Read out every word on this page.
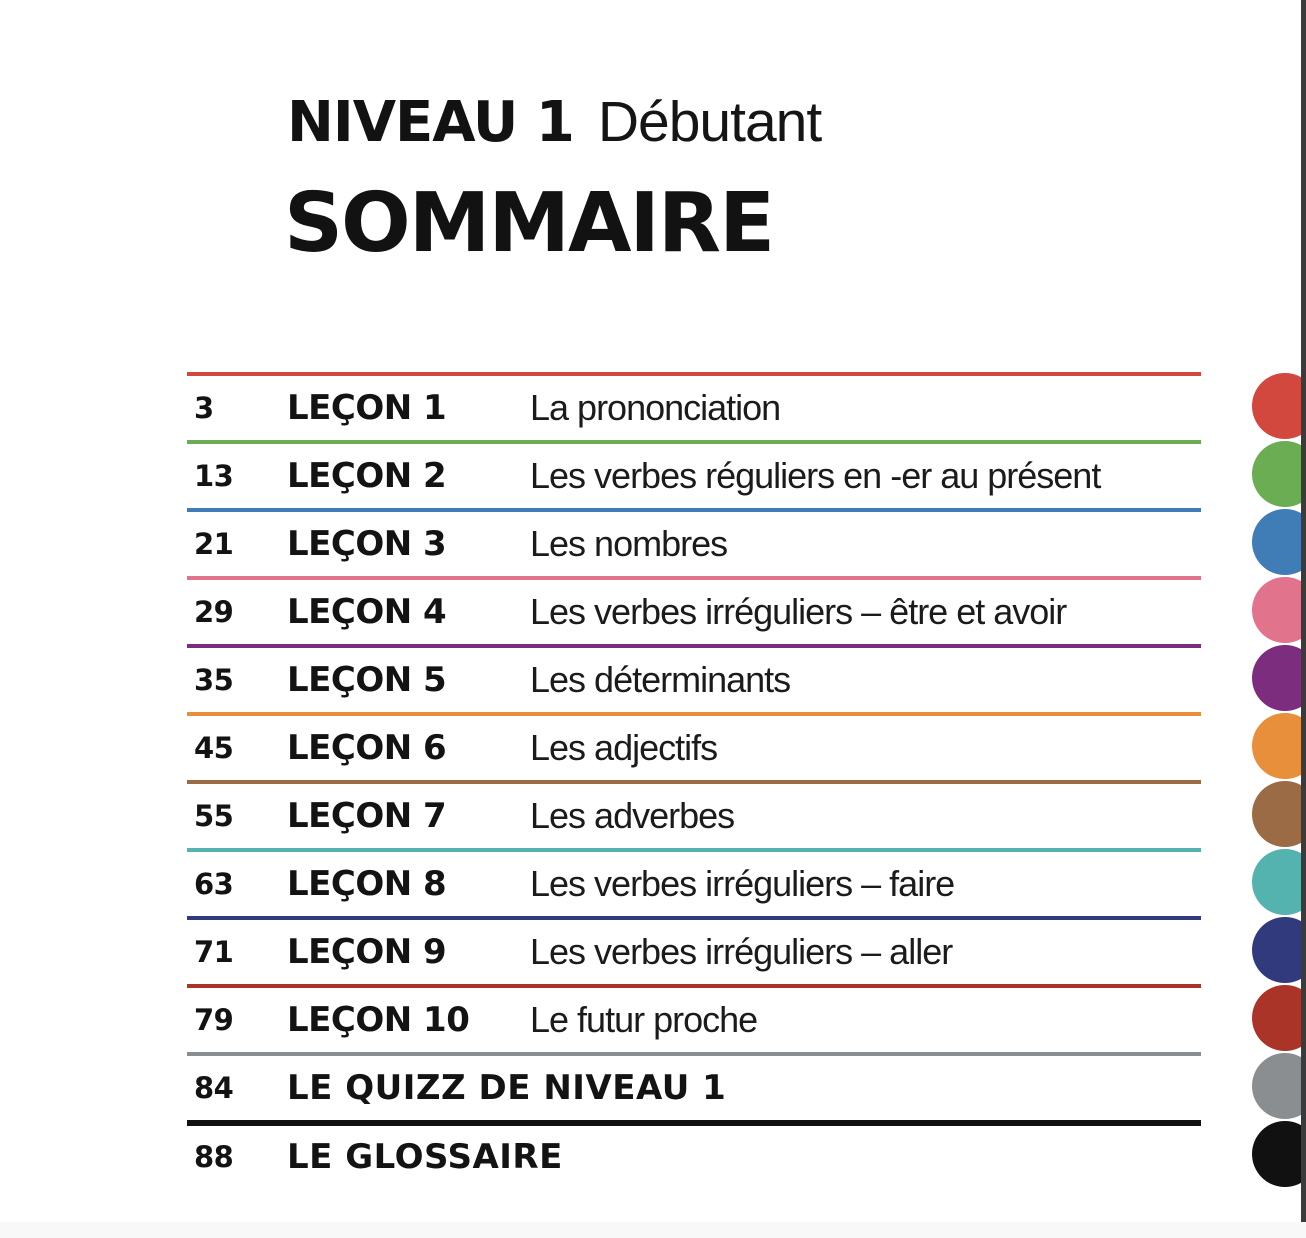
NIVEAU 1 Débutant
SOMMAIRE
3	LEÇON 1	La prononciation
13	LEÇON 2	Les verbes réguliers en -er au présent
21	LEÇON 3	Les nombres
29	LEÇON 4	Les verbes irréguliers – être et avoir
35	LEÇON 5	Les déterminants
45	LEÇON 6	Les adjectifs
55	LEÇON 7	Les adverbes
63	LEÇON 8	Les verbes irréguliers – faire
71	LEÇON 9	Les verbes irréguliers – aller
79	LEÇON 10	Le futur proche
84	LE QUIZZ DE NIVEAU 1
88	LE GLOSSAIRE
